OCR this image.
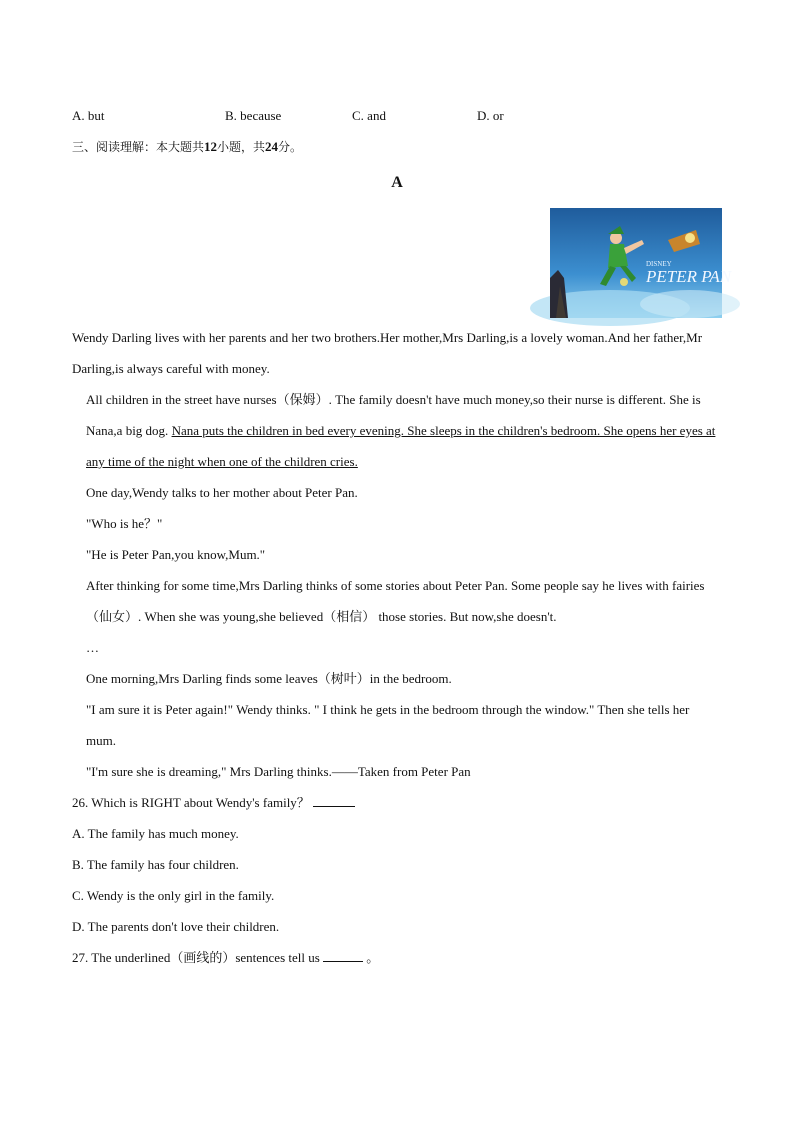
A. but	B. because	C. and	D. or
三、阅读理解：本大题共12小题，共24分。
A
DISNEY
PETER PAN

Wendy Darling lives with her parents and her two brothers.Her mother,Mrs Darling,is a lovely woman.And her father,Mr Darling,is always careful with money.

All children in the street have nurses（保姆）. The family doesn't have much money,so their nurse is different. She is Nana,a big dog. Nana puts the children in bed every evening. She sleeps in the children's bedroom. She opens her eyes at any time of the night when one of the children cries.

One day,Wendy talks to her mother about Peter Pan.

"Who is he？"

"He is Peter Pan,you know,Mum."

After thinking for some time,Mrs Darling thinks of some stories about Peter Pan. Some people say he lives with fairies（仙女）. When she was young,she believed（相信） those stories. But now,she doesn't.

…

One morning,Mrs Darling finds some leaves（树叶）in the bedroom.

"I am sure it is Peter again!" Wendy thinks. " I think he gets in the bedroom through the window." Then she tells her mum.

"I'm sure she is dreaming," Mrs Darling thinks.——Taken from Peter Pan

26. Which is RIGHT about Wendy's family？
A. The family has much money.
B. The family has four children.
C. Wendy is the only girl in the family.
D. The parents don't love their children.
27. The underlined（画线的）sentences tell us	。
